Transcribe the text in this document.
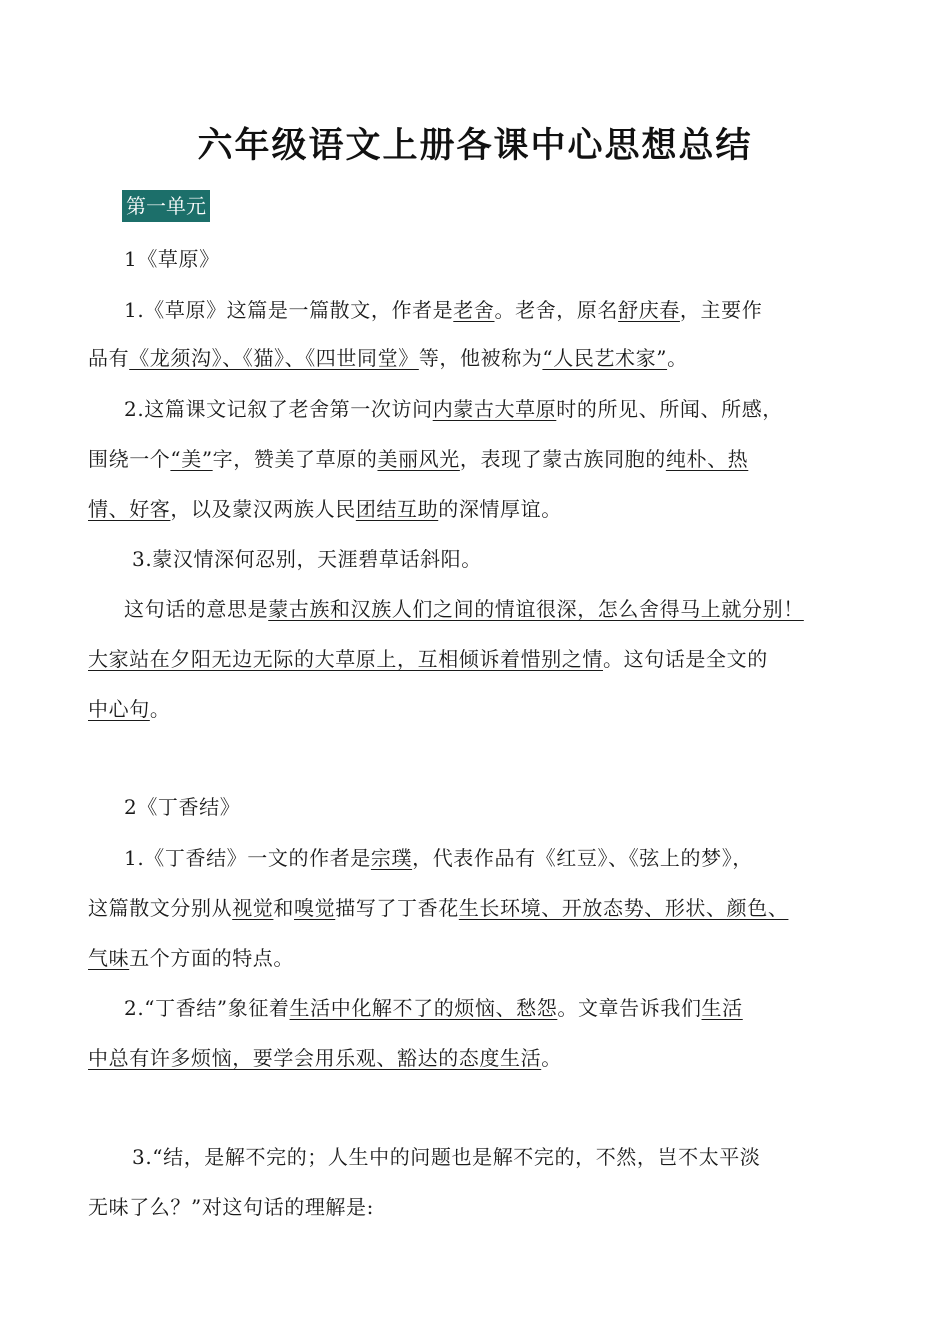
六年级语文上册各课中心思想总结
第一单元
1《草原》
1.《草原》这篇是一篇散文，作者是老舍。老舍，原名舒庆春，主要作
品有《龙须沟》、《猫》、《四世同堂》等，他被称为“人民艺术家”。
2.这篇课文记叙了老舍第一次访问内蒙古大草原时的所见、所闻、所感，
围绕一个“美”字，赞美了草原的美丽风光，表现了蒙古族同胞的纯朴、热
情、好客，以及蒙汉两族人民团结互助的深情厚谊。
3.蒙汉情深何忍别，天涯碧草话斜阳。
这句话的意思是蒙古族和汉族人们之间的情谊很深，怎么舍得马上就分别！
大家站在夕阳无边无际的大草原上，互相倾诉着惜别之情。这句话是全文的
中心句。
2《丁香结》
1.《丁香结》一文的作者是宗璞，代表作品有《红豆》、《弦上的梦》，
这篇散文分别从视觉和嗅觉描写了丁香花生长环境、开放态势、形状、颜色、
气味五个方面的特点。
2.“丁香结”象征着生活中化解不了的烦恼、愁怨。文章告诉我们生活
中总有许多烦恼，要学会用乐观、豁达的态度生活。
3.“结，是解不完的；人生中的问题也是解不完的，不然，岂不太平淡
无味了么？”对这句话的理解是:
